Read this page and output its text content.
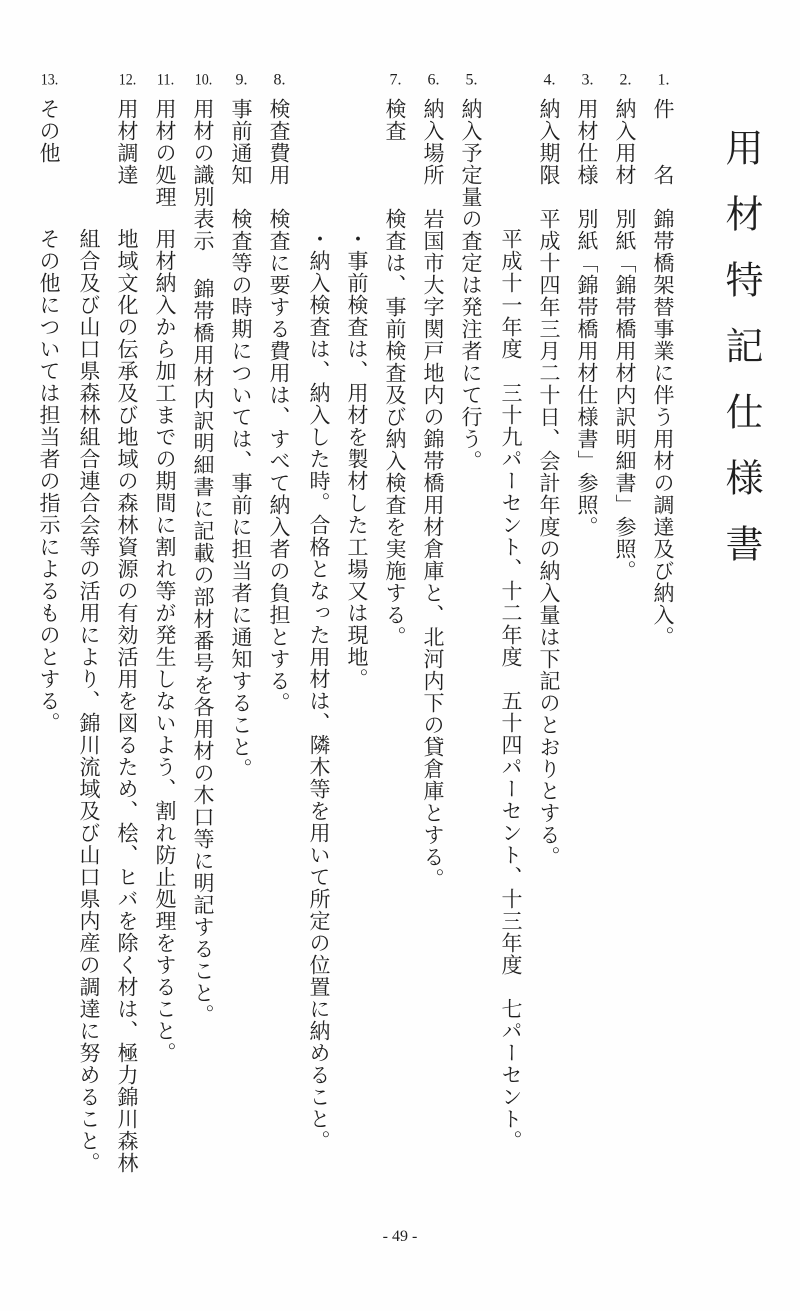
用材特記仕様書
1.件　　名錦帯橋架替事業に伴う用材の調達及び納入。
2.納入用材別紙「錦帯橋用材内訳明細書」参照。
3.用材仕様別紙「錦帯橋用材仕様書」参照。
4.納入期限平成十四年三月二十日、会計年度の納入量は下記のとおりとする。
平成十一年度　三十九パーセント、十二年度　五十四パーセント、十三年度　七パーセント。
5.納入予定量の査定は発注者にて行う。
6.納入場所岩国市大字関戸地内の錦帯橋用材倉庫と、北河内下の貸倉庫とする。
7.検査検査は、事前検査及び納入検査を実施する。
・事前検査は、用材を製材した工場又は現地。
・納入検査は、納入した時。合格となった用材は、隣木等を用いて所定の位置に納めること。
8.検査費用検査に要する費用は、すべて納入者の負担とする。
9.事前通知検査等の時期については、事前に担当者に通知すること。
10.用材の識別表示錦帯橋用材内訳明細書に記載の部材番号を各用材の木口等に明記すること。
11.用材の処理用材納入から加工までの期間に割れ等が発生しないよう、割れ防止処理をすること。
12.用材調達地域文化の伝承及び地域の森林資源の有効活用を図るため、桧、ヒバを除く材は、極力錦川森林
組合及び山口県森林組合連合会等の活用により、錦川流域及び山口県内産の調達に努めること。
13.その他その他については担当者の指示によるものとする。
- 49 -
